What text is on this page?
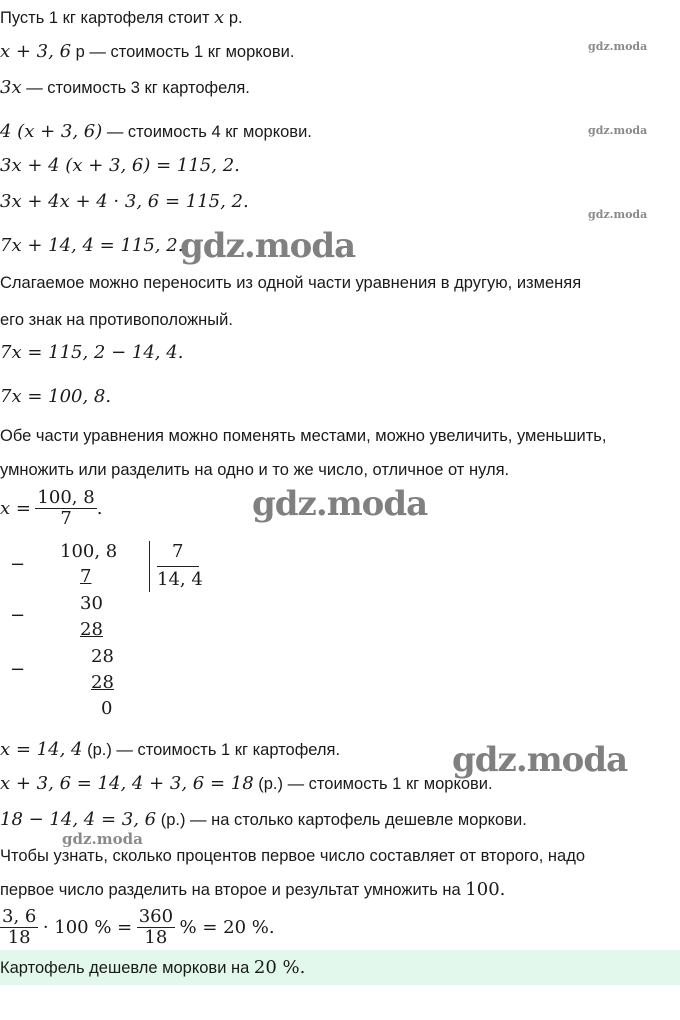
Пусть 1 кг картофеля стоит x р.
x + 3, 6 р — стоимость 1 кг моркови.
3x — стоимость 3 кг картофеля.
4 (x + 3, 6) — стоимость 4 кг моркови.
3x + 4 (x + 3, 6) = 115, 2.
3x + 4x + 4 · 3, 6 = 115, 2.
7x + 14, 4 = 115, 2.
Слагаемое можно переносить из одной части уравнения в другую, изменяя
его знак на противоположный.
7x = 115, 2 − 14, 4.
7x = 100, 8.
Обе части уравнения можно поменять местами, можно увеличить, уменьшить,
умножить или разделить на одно и то же число, отличное от нуля.
$x = \frac{100, 8}{7}$ .
−
100, 8
7
7
14, 4
−
30
28
−
28
28
0
x = 14, 4 (р.) — стоимость 1 кг картофеля.
x + 3, 6 = 14, 4 + 3, 6 = 18 (р.) — стоимость 1 кг моркови.
18 − 14, 4 = 3, 6 (р.) — на столько картофель дешевле моркови.
Чтобы узнать, сколько процентов первое число составляет от второго, надо
первое число разделить на второе и результат умножить на 100.
$\frac{3, 6}{18} \cdot 100$ % = $\frac{360}{18}$ % = 20 %.
Картофель дешевле моркови на 20 %.
gdz.moda
gdz.moda
gdz.moda
gdz.moda
gdz.moda
gdz.moda
gdz.moda
